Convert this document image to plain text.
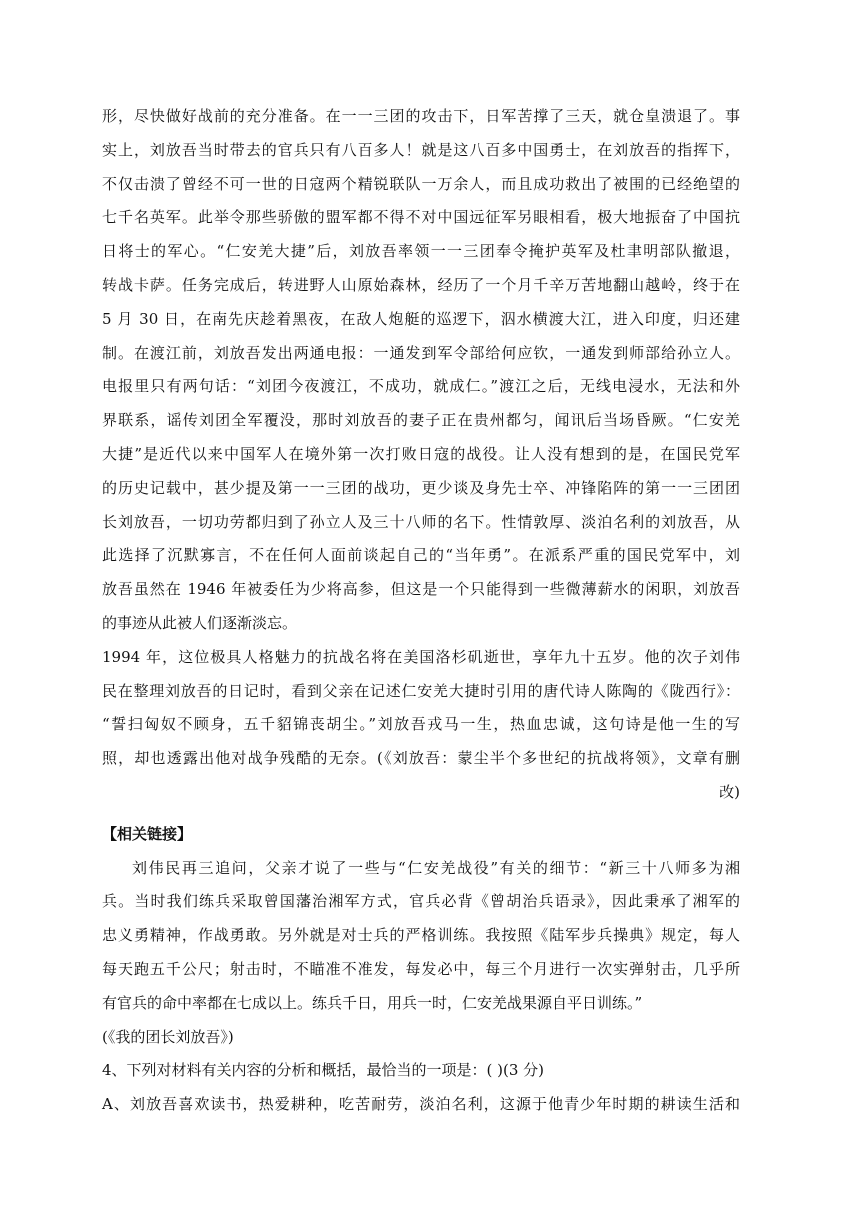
形，尽快做好战前的充分准备。在一一三团的攻击下，日军苦撑了三天，就仓皇溃退了。事

实上，刘放吾当时带去的官兵只有八百多人！就是这八百多中国勇士，在刘放吾的指挥下，

不仅击溃了曾经不可一世的日寇两个精锐联队一万余人，而且成功救出了被围的已经绝望的

七千名英军。此举令那些骄傲的盟军都不得不对中国远征军另眼相看，极大地振奋了中国抗

日将士的军心。“仁安羌大捷”后，刘放吾率领一一三团奉令掩护英军及杜聿明部队撤退，

转战卡萨。任务完成后，转进野人山原始森林，经历了一个月千辛万苦地翻山越岭，终于在

5 月 30 日，在南先庆趁着黑夜，在敌人炮艇的巡逻下，泅水横渡大江，进入印度，归还建

制。在渡江前，刘放吾发出两通电报：一通发到军令部给何应钦，一通发到师部给孙立人。

电报里只有两句话：“刘团今夜渡江，不成功，就成仁。”渡江之后，无线电浸水，无法和外

界联系，谣传刘团全军覆没，那时刘放吾的妻子正在贵州都匀，闻讯后当场昏厥。“仁安羌

大捷”是近代以来中国军人在境外第一次打败日寇的战役。让人没有想到的是，在国民党军

的历史记载中，甚少提及第一一三团的战功，更少谈及身先士卒、冲锋陷阵的第一一三团团

长刘放吾，一切功劳都归到了孙立人及三十八师的名下。性情敦厚、淡泊名利的刘放吾，从

此选择了沉默寡言，不在任何人面前谈起自己的“当年勇”。在派系严重的国民党军中，刘

放吾虽然在 1946 年被委任为少将高参，但这是一个只能得到一些微薄薪水的闲职，刘放吾

的事迹从此被人们逐渐淡忘。

1994 年，这位极具人格魅力的抗战名将在美国洛杉矶逝世，享年九十五岁。他的次子刘伟

民在整理刘放吾的日记时，看到父亲在记述仁安羌大捷时引用的唐代诗人陈陶的《陇西行》：

“誓扫匈奴不顾身，五千貂锦丧胡尘。”刘放吾戎马一生，热血忠诚，这句诗是他一生的写

照，却也透露出他对战争残酷的无奈。(《刘放吾：蒙尘半个多世纪的抗战将领》，文章有删

改)

【相关链接】

刘伟民再三追问，父亲才说了一些与“仁安羌战役”有关的细节：“新三十八师多为湘

兵。当时我们练兵采取曾国藩治湘军方式，官兵必背《曾胡治兵语录》，因此秉承了湘军的

忠义勇精神，作战勇敢。另外就是对士兵的严格训练。我按照《陆军步兵操典》规定，每人

每天跑五千公尺；射击时，不瞄准不准发，每发必中，每三个月进行一次实弹射击，几乎所

有官兵的命中率都在七成以上。练兵千日，用兵一时，仁安羌战果源自平日训练。”

(《我的团长刘放吾》)

4、下列对材料有关内容的分析和概括，最恰当的一项是：( )(3 分)

A、刘放吾喜欢读书，热爱耕种，吃苦耐劳，淡泊名利，这源于他青少年时期的耕读生活和
